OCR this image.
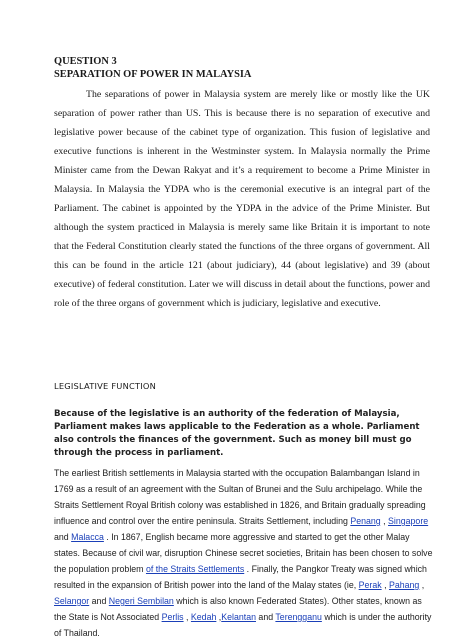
QUESTION 3

SEPARATION OF POWER IN MALAYSIA

The separations of power in Malaysia system are merely like or mostly like the UK separation of power rather than US. This is because there is no separation of executive and legislative power because of the cabinet type of organization. This fusion of legislative and executive functions is inherent in the Westminster system. In Malaysia normally the Prime Minister came from the Dewan Rakyat and it’s a requirement to become a Prime Minister in Malaysia. In Malaysia the YDPA who is the ceremonial executive is an integral part of the Parliament. The cabinet is appointed by the YDPA in the advice of the Prime Minister. But although the system practiced in Malaysia is merely same like Britain it is important to note that the Federal Constitution clearly stated the functions of the three organs of government. All this can be found in the article 121 (about judiciary), 44 (about legislative) and 39 (about executive) of federal constitution. Later we will discuss in detail about the functions, power and role of the three organs of government which is judiciary, legislative and executive.

LEGISLATIVE FUNCTION

Because of the legislative is an authority of the federation of Malaysia, Parliament makes laws applicable to the Federation as a whole. Parliament also controls the finances of the government. Such as money bill must go through the process in parliament.

The earliest British settlements in Malaysia started with the occupation Balambangan Island in 1769 as a result of an agreement with the Sultan of Brunei and the Sulu archipelago. While the Straits Settlement Royal British colony was established in 1826, and Britain gradually spreading influence and control over the entire peninsula. Straits Settlement, including Penang , Singapore and Malacca . In 1867, English became more aggressive and started to get the other Malay states. Because of civil war, disruption Chinese secret societies, Britain has been chosen to solve the population problem of the Straits Settlements . Finally, the Pangkor Treaty was signed which resulted in the expansion of British power into the land of the Malay states (ie, Perak , Pahang , Selangor and Negeri Sembilan which is also known Federated States). Other states, known as the State is Not Associated Perlis , Kedah ,Kelantan and Terengganu which is under the authority of Thailand.
